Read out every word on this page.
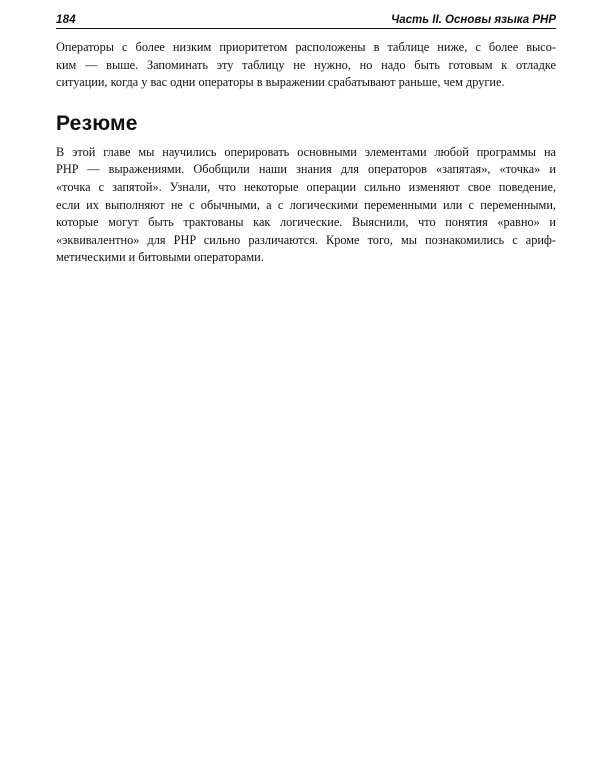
184	Часть II. Основы языка PHP

Операторы с более низким приоритетом расположены в таблице ниже, с более высо-
ким — выше. Запоминать эту таблицу не нужно, но надо быть готовым к отладке
ситуации, когда у вас одни операторы в выражении срабатывают раньше, чем другие.

Резюме

В этой главе мы научились оперировать основными элементами любой программы на
PHP — выражениями. Обобщили наши знания для операторов «запятая», «точка» и
«точка с запятой». Узнали, что некоторые операции сильно изменяют свое поведение,
если их выполняют не с обычными, а с логическими переменными или с переменными,
которые могут быть трактованы как логические. Выяснили, что понятия «равно» и
«эквивалентно» для PHP сильно различаются. Кроме того, мы познакомились с ариф-
метическими и битовыми операторами.
